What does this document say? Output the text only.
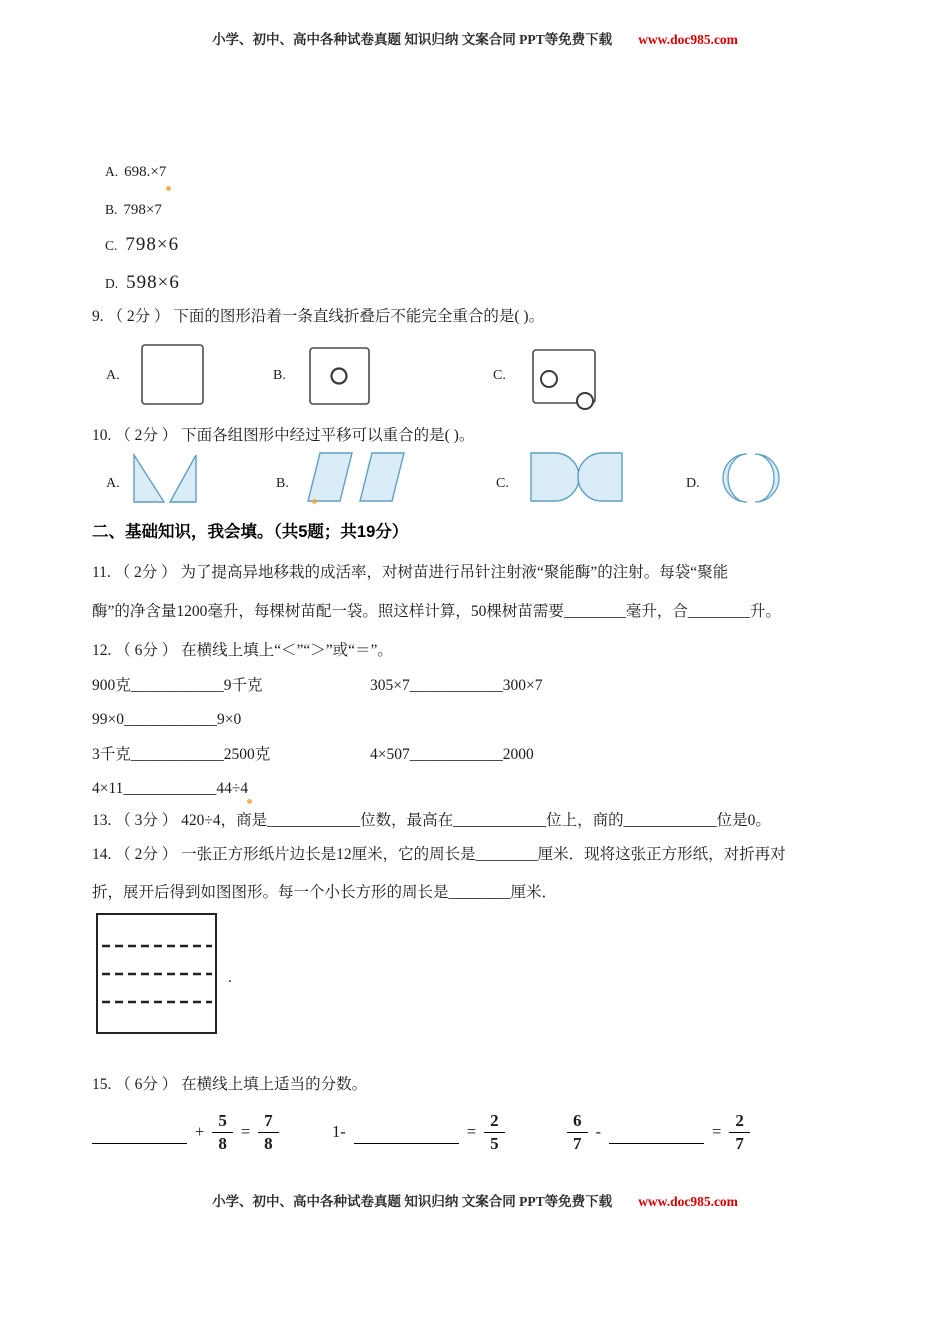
小学、初中、高中各种试卷真题 知识归纳 文案合同 PPT等免费下载 www.doc985.com
A. 698.×7
B. 798×7
C. 798×6
D. 598×6
9. （ 2分 ） 下面的图形沿着一条直线折叠后不能完全重合的是( )。
A.	B.	C.
10. （ 2分 ） 下面各组图形中经过平移可以重合的是( )。
A.	B.	C.	D.
二、基础知识，我会填。（共5题；共19分）
11. （ 2分 ） 为了提高异地移栽的成活率，对树苗进行吊针注射液“聚能酶”的注射。每袋“聚能
酶”的净含量1200毫升，每棵树苗配一袋。照这样计算，50棵树苗需要________毫升，合________升。
12. （ 6分 ） 在横线上填上“＜”“＞”或“＝”。
900克____________9千克	305×7____________300×7
99×0____________9×0
3千克____________2500克	4×507____________2000
4×11____________44÷4
13. （ 3分 ） 420÷4，商是____________位数，最高在____________位上，商的____________位是0。
14. （ 2分 ） 一张正方形纸片边长是12厘米，它的周长是________厘米．现将这张正方形纸，对折再对
折，展开后得到如图图形。每一个小长方形的周长是________厘米．
.
15. （ 6分 ） 在横线上填上适当的分数。
+ $\frac{5}{8} = \frac{7}{8}$	1-	= $\frac{2}{5}$	$\frac{6}{7}$ -	= $\frac{2}{7}$
小学、初中、高中各种试卷真题 知识归纳 文案合同 PPT等免费下载 www.doc985.com
